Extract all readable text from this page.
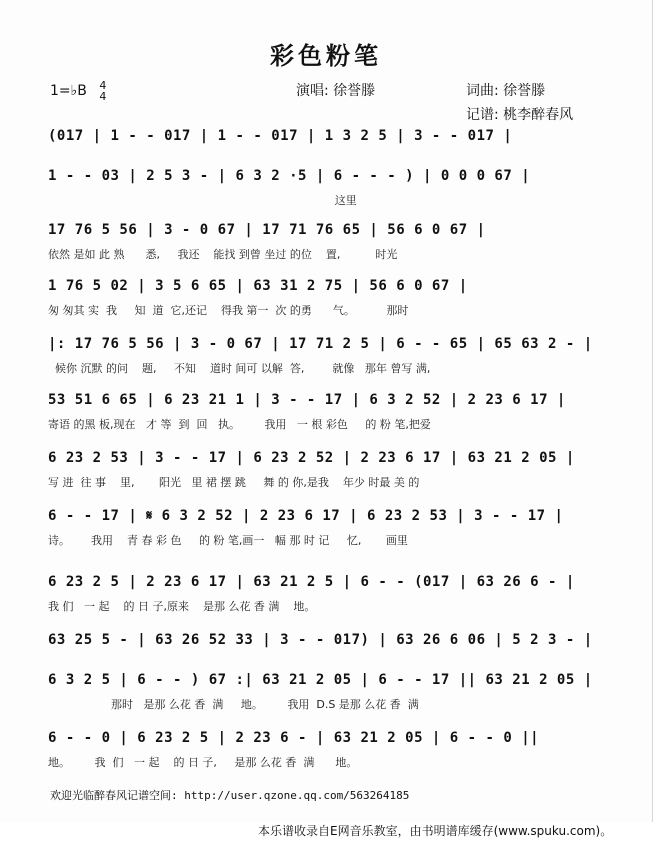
彩色粉笔
1=♭B 4
4	演唱: 徐誉滕	词曲: 徐誉滕
记谱: 桃李醉春风
(017 | 1 - - 017 | 1 - - 017 | 1 3 2 5 | 3 - - 017 |
1 - - 03 | 2 5 3 - | 6 3 2 ·5 | 6 - - - ) | 0 0 0 67 |
这里
17 76 5 56 | 3 - 0 67 | 17 71 76 65 | 56 6 0 67 |
依然 是如 此 熟      悉,     我还    能找 到曾 坐过 的位    置,          时光
1 76 5 02 | 3 5 6 65 | 63 31 2 75 | 56 6 0 67 |
匆 匆其 实  我     知  道  它,还记    得我 第一  次 的勇      气。         那时
|: 17 76 5 56 | 3 - 0 67 | 17 71 2 5 | 6 - - 65 | 65 63 2 - |
候你 沉默 的问    题,     不知    道时 间可 以解  答,        就像   那年 曾写 满,
53 51 6 65 | 6 23 21 1 | 3 - - 17 | 6 3 2 52 | 2 23 6 17 |
寄语 的黑 板,现在   才 等  到  回   执。       我用   一 根 彩色     的 粉 笔,把爱
6 23 2 53 | 3 - - 17 | 6 23 2 52 | 2 23 6 17 | 63 21 2 05 |
写 进  往 事    里,       阳光   里 裙 摆 跳     舞 的 你,是我    年少 时最 美 的
6 - - 17 | 𝄋 6 3 2 52 | 2 23 6 17 | 6 23 2 53 | 3 - - 17 |
诗。      我用    青 春 彩 色     的 粉 笔,画一   幅 那 时 记     忆,       画里
6 23 2 5 | 2 23 6 17 | 63 21 2 5 | 6 - - (017 | 63 26 6 - |
我 们   一 起    的 日 子,原来    是那 么花 香 满    地。
63 25 5 - | 63 26 52 33 | 3 - - 017) | 63 26 6 06 | 5 2 3 - |
6 3 2 5 | 6 - - ) 67 :| 63 21 2 05 | 6 - - 17 || 63 21 2 05 |
那时   是那 么花 香  满     地。       我用  D.S 是那 么花 香  满
6 - - 0 | 6 23 2 5 | 2 23 6 - | 63 21 2 05 | 6 - - 0 ||
地。       我  们   一 起    的 日 子,     是那 么花 香  满      地。
欢迎光临醉春风记谱空间: http://user.qzone.qq.com/563264185
本乐谱收录自E网音乐教室，由书明谱库缓存(www.spuku.com)。
